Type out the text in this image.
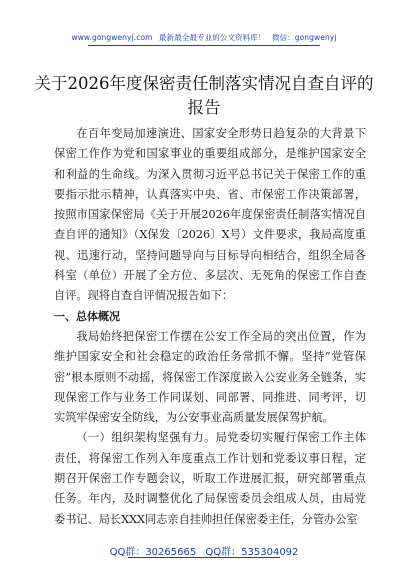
www.gongwenyj.com 最新最全最专业的公文资料库！ 微信：gongwenyj
关于2026年度保密责任制落实情况自查自评的报告

在百年变局加速演进、国家安全形势日趋复杂的大背景下保密工作作为党和国家事业的重要组成部分，是维护国家安全和利益的生命线。为深入贯彻习近平总书记关于保密工作的重要指示批示精神，认真落实中央、省、市保密工作决策部署，按照市国家保密局《关于开展2026年度保密责任制落实情况自查自评的通知》（X保发〔2026〕X号）文件要求，我局高度重视、迅速行动，坚持问题导向与目标导向相结合，组织全局各科室（单位）开展了全方位、多层次、无死角的保密工作自查自评。现将自查自评情况报告如下：

一、总体概况

我局始终把保密工作摆在公安工作全局的突出位置，作为维护国家安全和社会稳定的政治任务常抓不懈。坚持“党管保密”根本原则不动摇，将保密工作深度嵌入公安业务全链条，实现保密工作与业务工作同谋划、同部署、同推进、同考评，切实筑牢保密安全防线，为公安事业高质量发展保驾护航。

（一）组织架构坚强有力。局党委切实履行保密工作主体责任，将保密工作列入年度重点工作计划和党委议事日程，定期召开保密工作专题会议，听取工作进展汇报，研究部署重点任务。年内，及时调整优化了局保密委员会组成人员，由局党委书记、局长XXX同志亲自挂帅担任保密委主任，分管办公室

QQ群：30265665 QQ群：535304092
